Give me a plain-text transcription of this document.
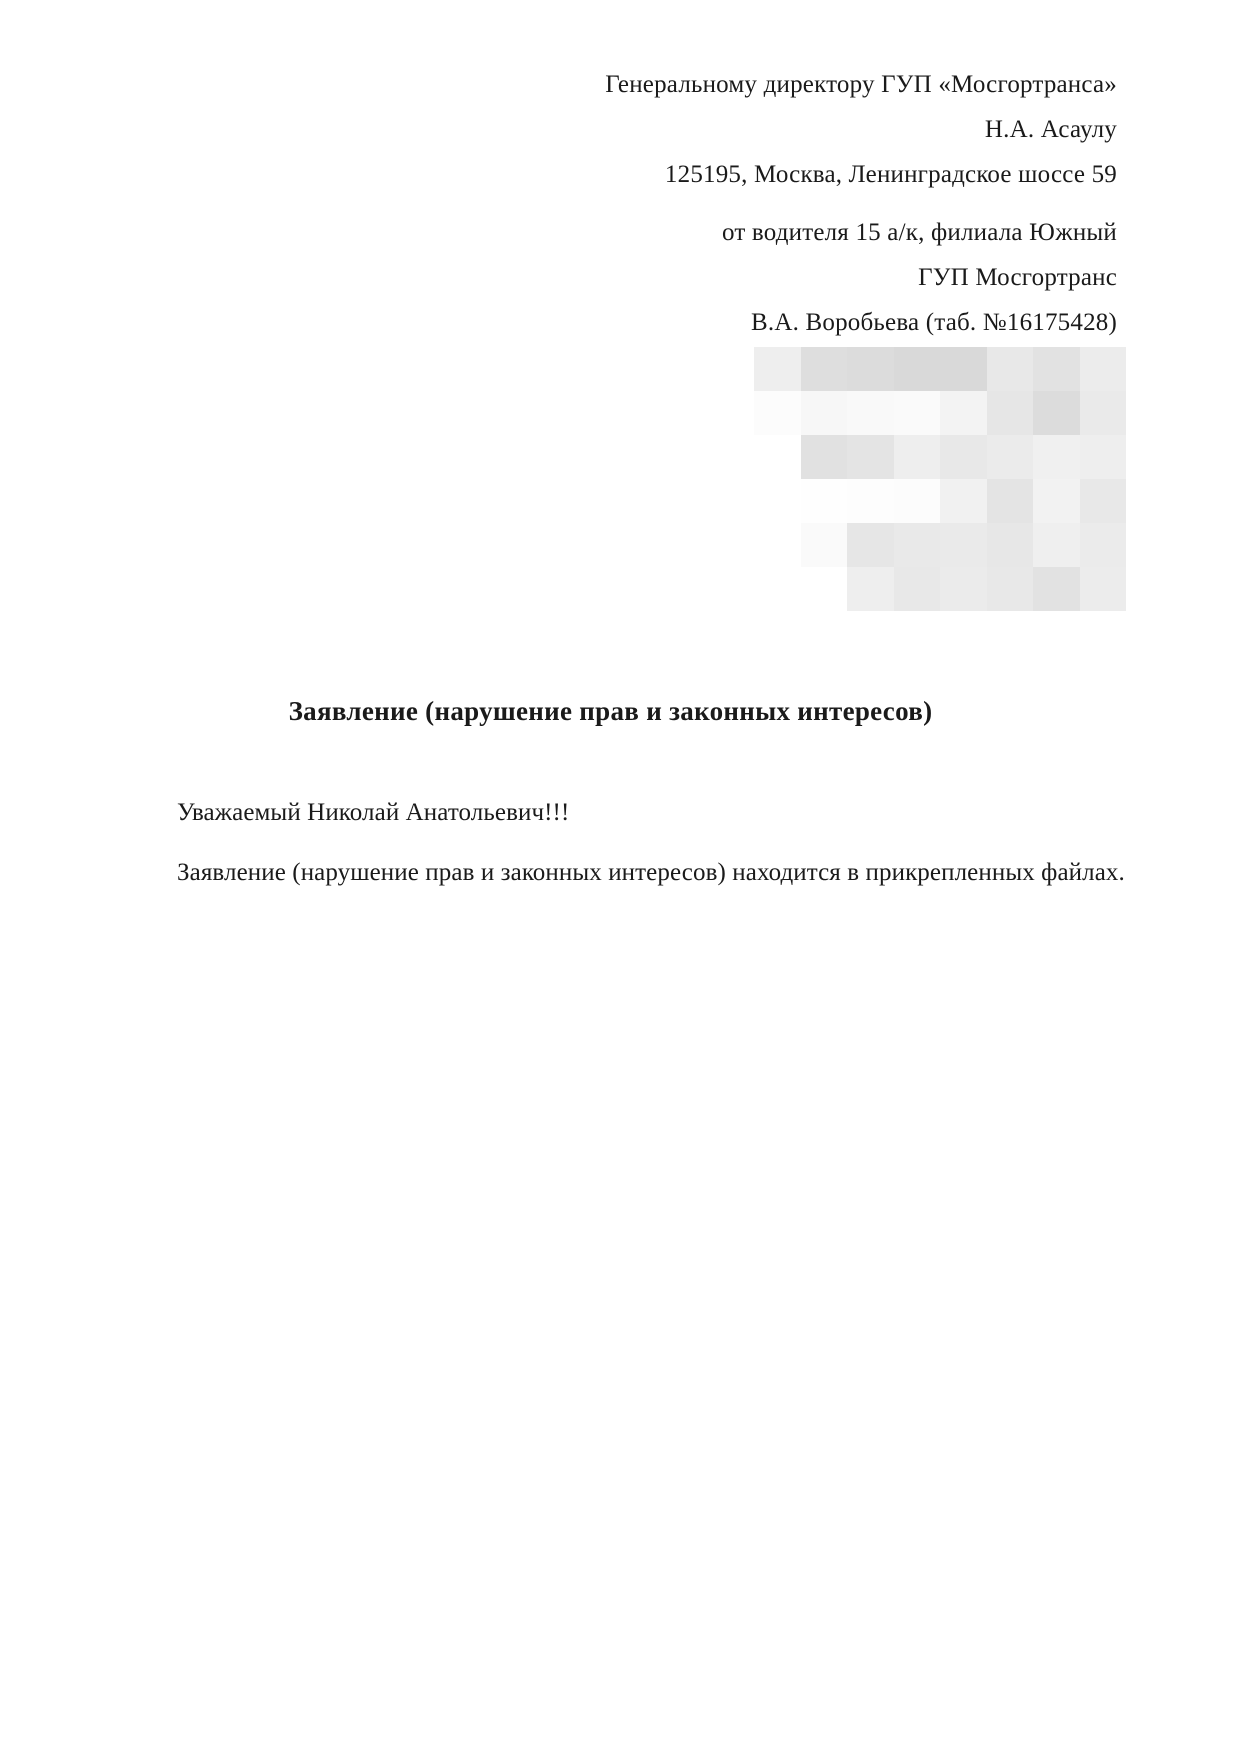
Генеральному директору ГУП «Мосгортранса»
Н.А. Асаулу
125195, Москва, Ленинградское шоссе 59
от водителя 15 а/к, филиала Южный
ГУП Мосгортранс
В.А. Воробьева (таб. №16175428)
Заявление (нарушение прав и законных интересов)
Уважаемый Николай Анатольевич!!!
Заявление (нарушение прав и законных интересов) находится в прикрепленных файлах.
